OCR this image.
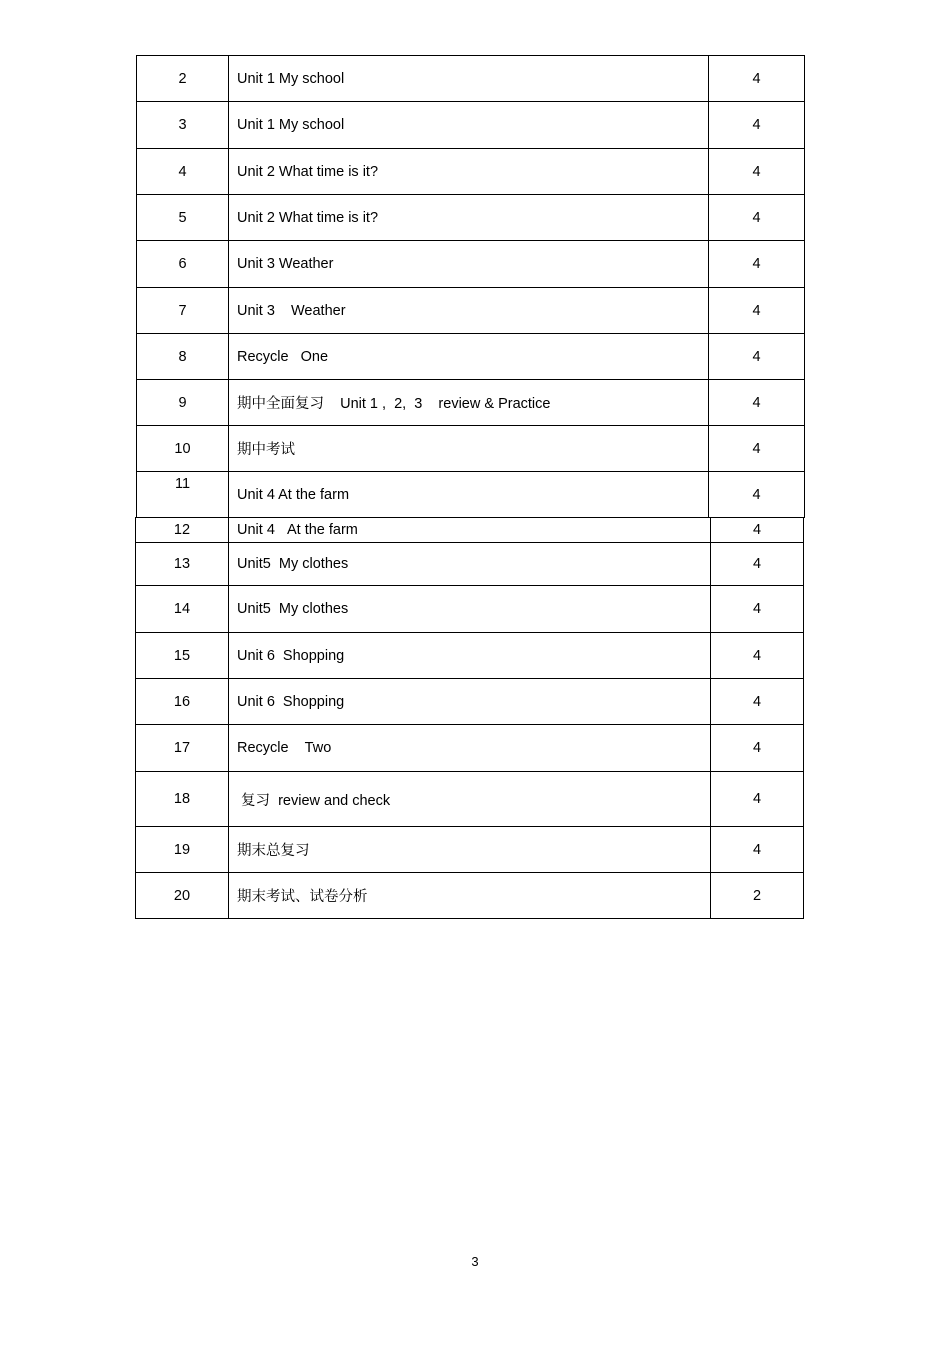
2	Unit 1 My school	4
3	Unit 1 My school	4
4	Unit 2 What time is it?	4
5	Unit 2 What time is it?	4
6	Unit 3 Weather	4
7	Unit 3    Weather	4
8	Recycle   One	4
9	期中全面复习    Unit 1 ,  2,  3    review & Practice	4
10	期中考试	4
11	Unit 4 At the farm	4
12	Unit 4   At the farm	4
13	Unit5  My clothes	4
14	Unit5  My clothes	4
15	Unit 6  Shopping	4
16	Unit 6  Shopping	4
17	Recycle    Two	4
18	复习  review and check	4
19	期末总复习	4
20	期末考试、试卷分析	2
3
